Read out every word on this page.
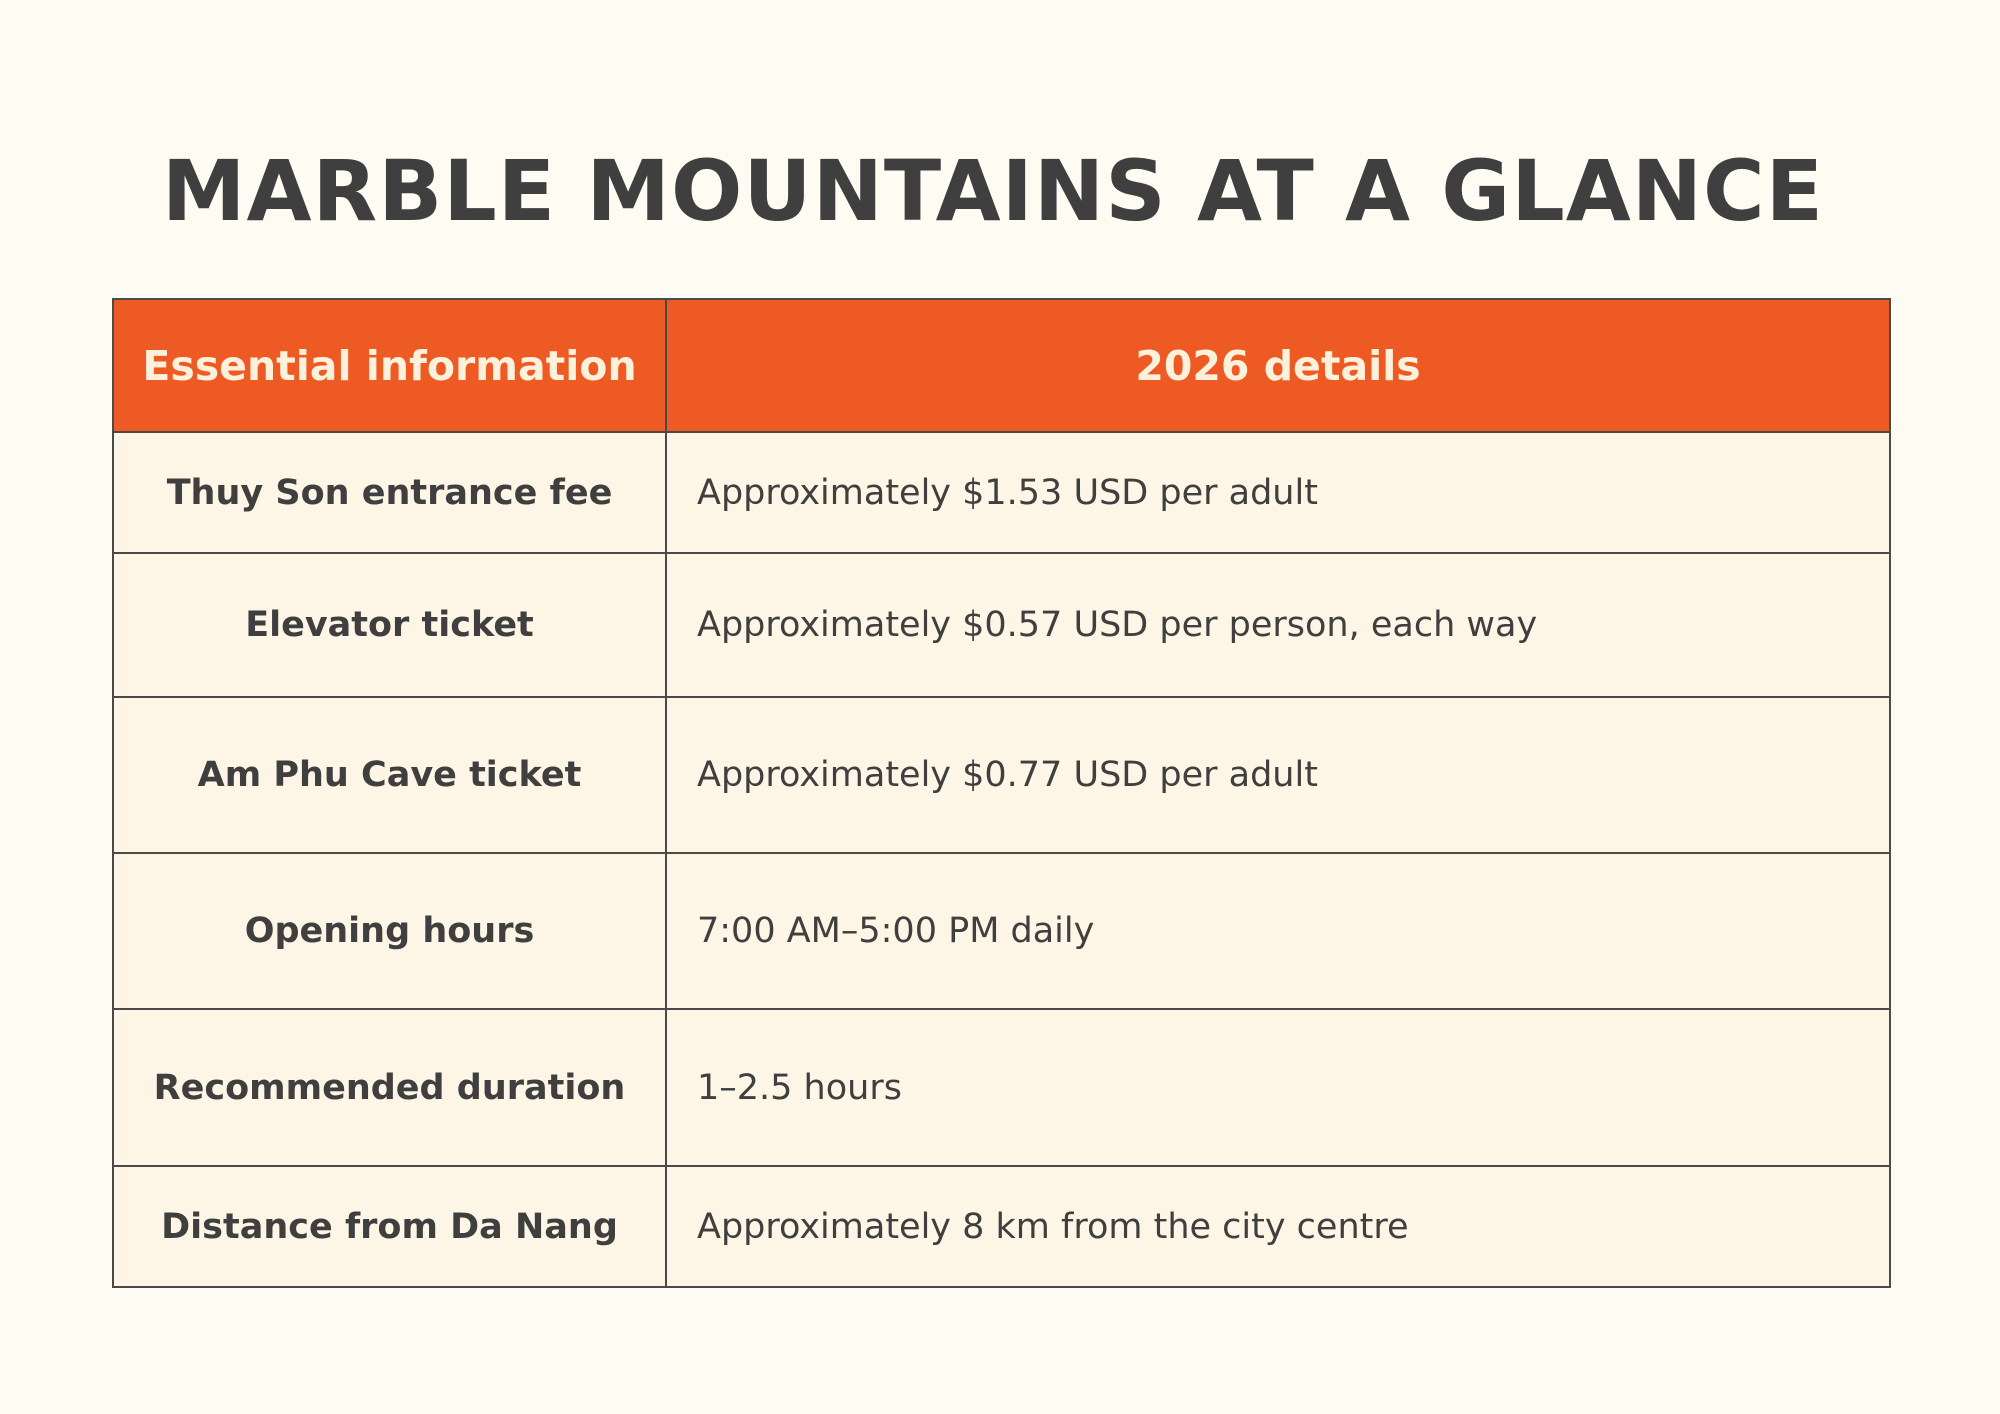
MARBLE MOUNTAINS AT A GLANCE
Essential information	2026 details
Thuy Son entrance fee	Approximately $1.53 USD per adult
Elevator ticket	Approximately $0.57 USD per person, each way
Am Phu Cave ticket	Approximately $0.77 USD per adult
Opening hours	7:00 AM–5:00 PM daily
Recommended duration	1–2.5 hours
Distance from Da Nang	Approximately 8 km from the city centre
